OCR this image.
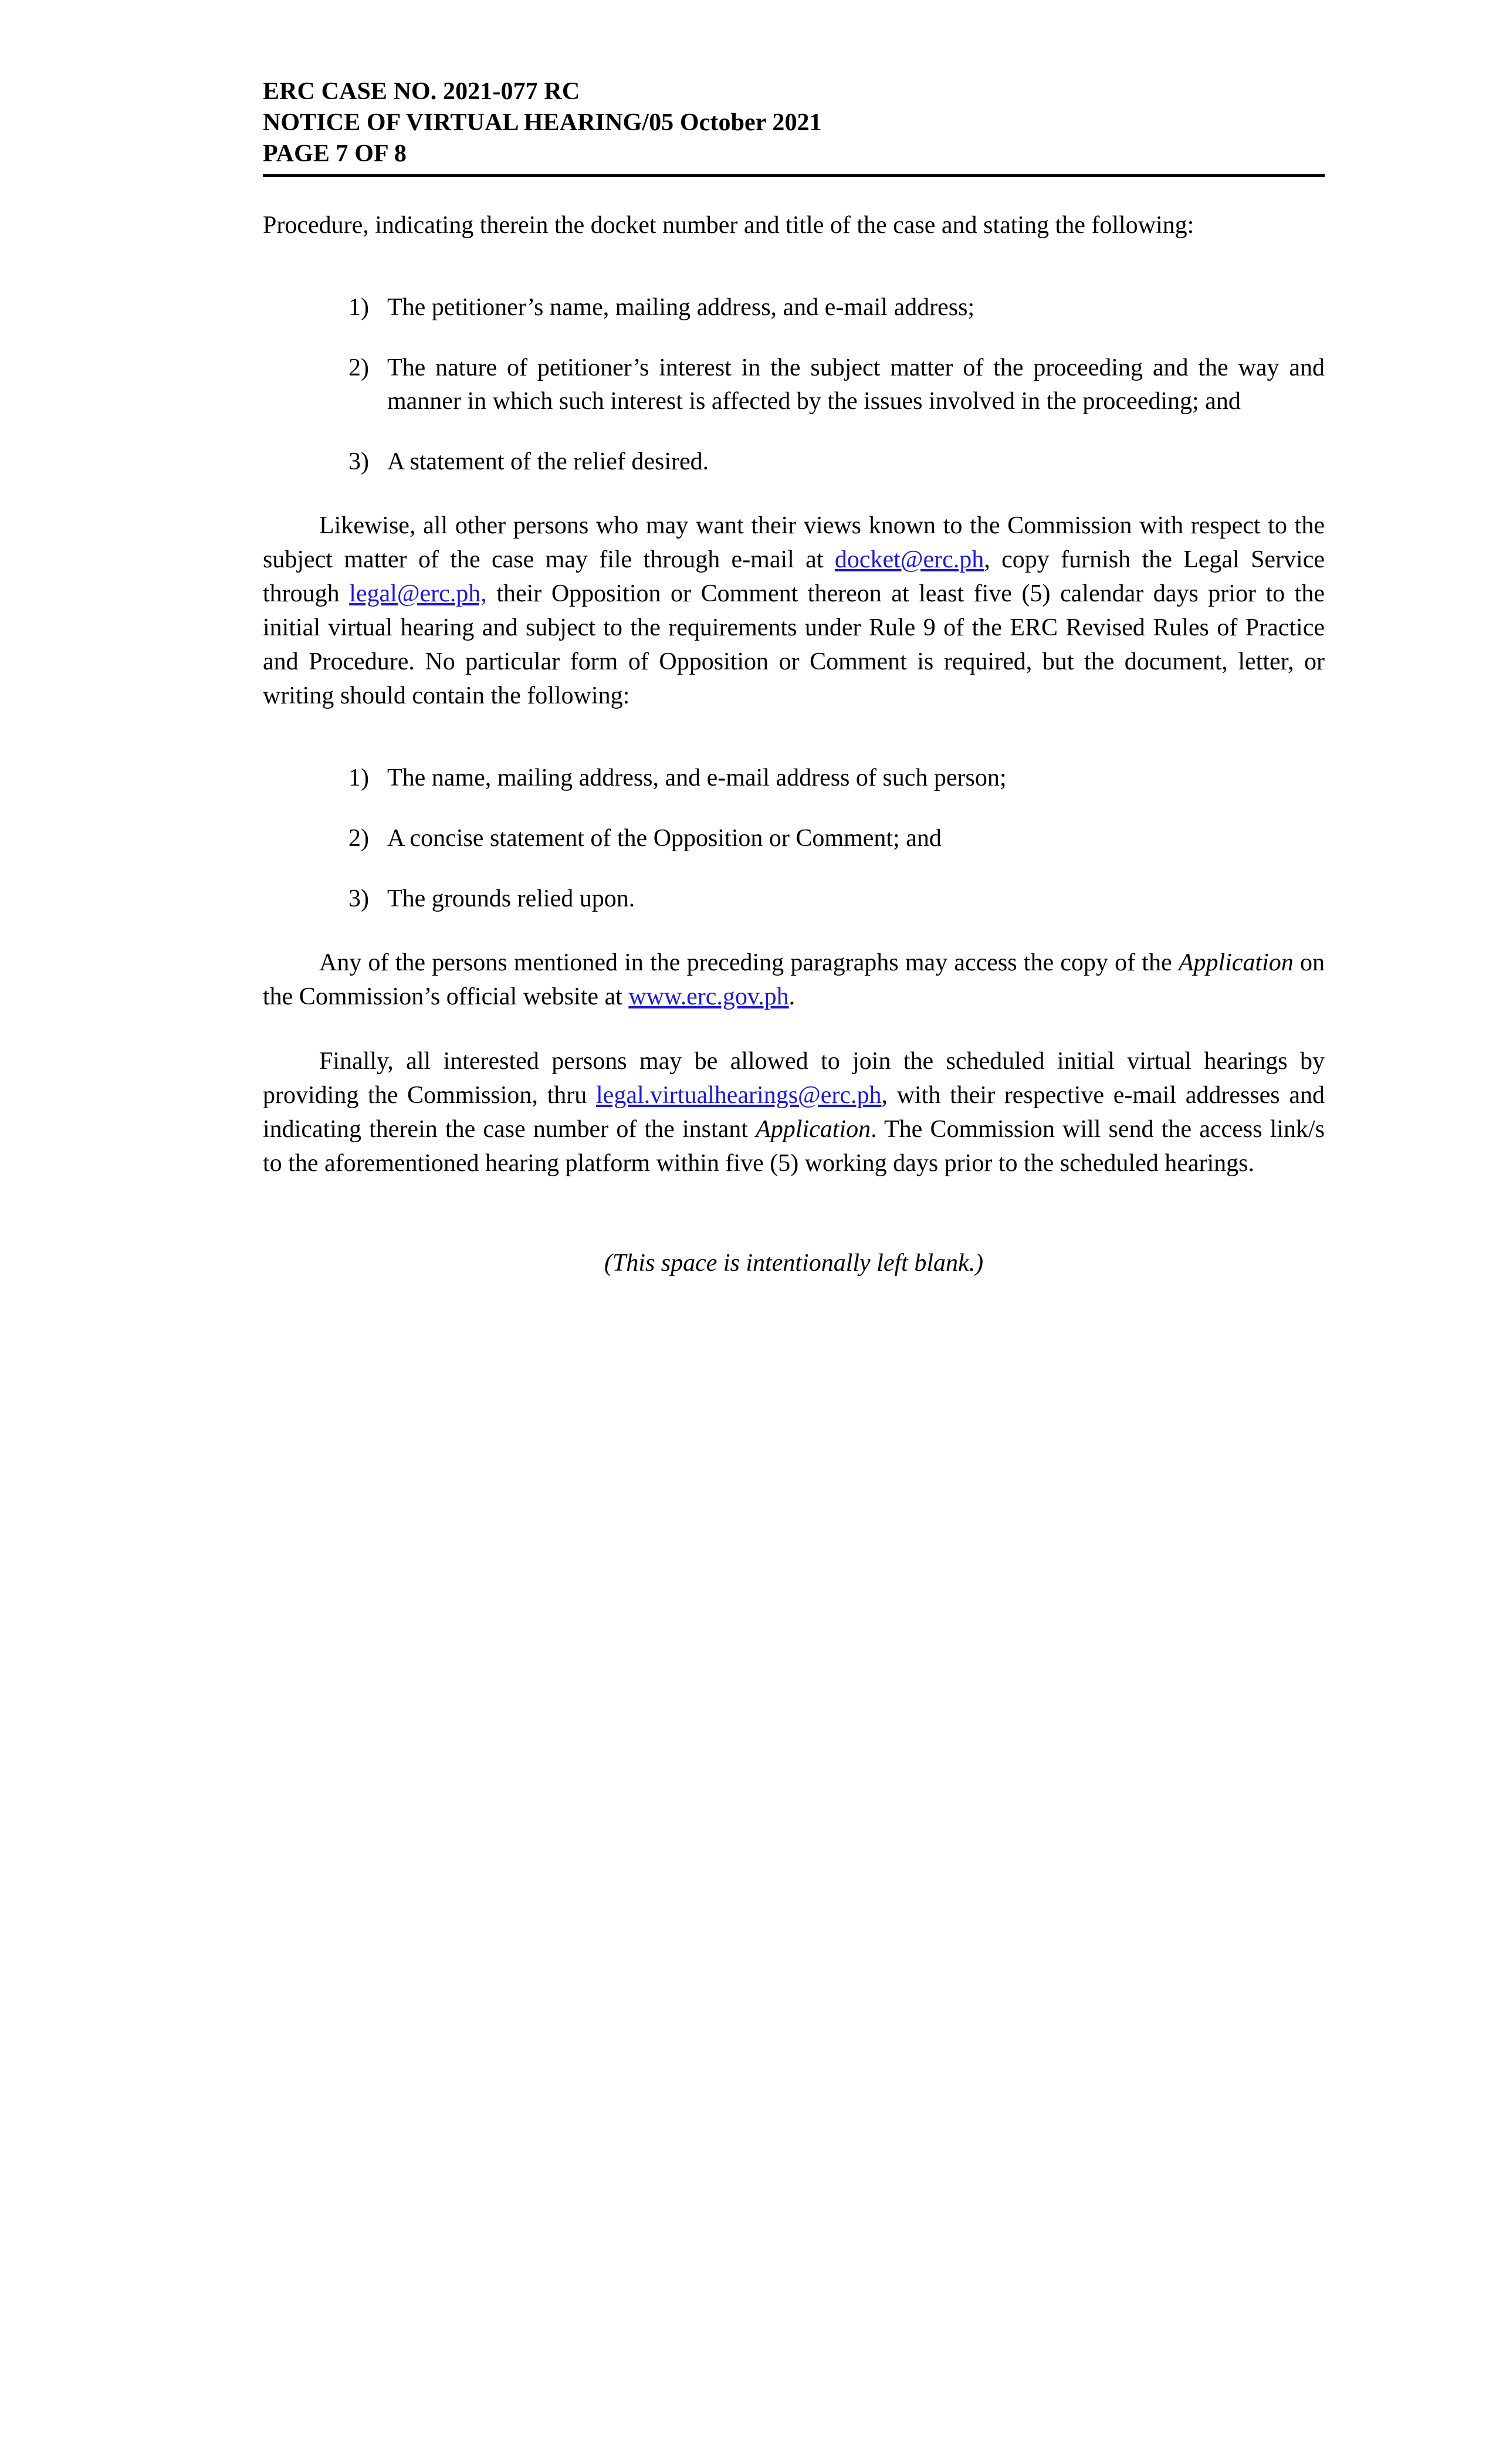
ERC CASE NO. 2021-077 RC
NOTICE OF VIRTUAL HEARING/05 October 2021
PAGE 7 OF 8

Procedure, indicating therein the docket number and title of the case and stating the following:

1) The petitioner’s name, mailing address, and e-mail address;
2) The nature of petitioner’s interest in the subject matter of the proceeding and the way and manner in which such interest is affected by the issues involved in the proceeding; and
3) A statement of the relief desired.

Likewise, all other persons who may want their views known to the Commission with respect to the subject matter of the case may file through e-mail at docket@erc.ph, copy furnish the Legal Service through legal@erc.ph, their Opposition or Comment thereon at least five (5) calendar days prior to the initial virtual hearing and subject to the requirements under Rule 9 of the ERC Revised Rules of Practice and Procedure. No particular form of Opposition or Comment is required, but the document, letter, or writing should contain the following:

1) The name, mailing address, and e-mail address of such person;
2) A concise statement of the Opposition or Comment; and
3) The grounds relied upon.

Any of the persons mentioned in the preceding paragraphs may access the copy of the Application on the Commission’s official website at www.erc.gov.ph.

Finally, all interested persons may be allowed to join the scheduled initial virtual hearings by providing the Commission, thru legal.virtualhearings@erc.ph, with their respective e-mail addresses and indicating therein the case number of the instant Application. The Commission will send the access link/s to the aforementioned hearing platform within five (5) working days prior to the scheduled hearings.

(This space is intentionally left blank.)
